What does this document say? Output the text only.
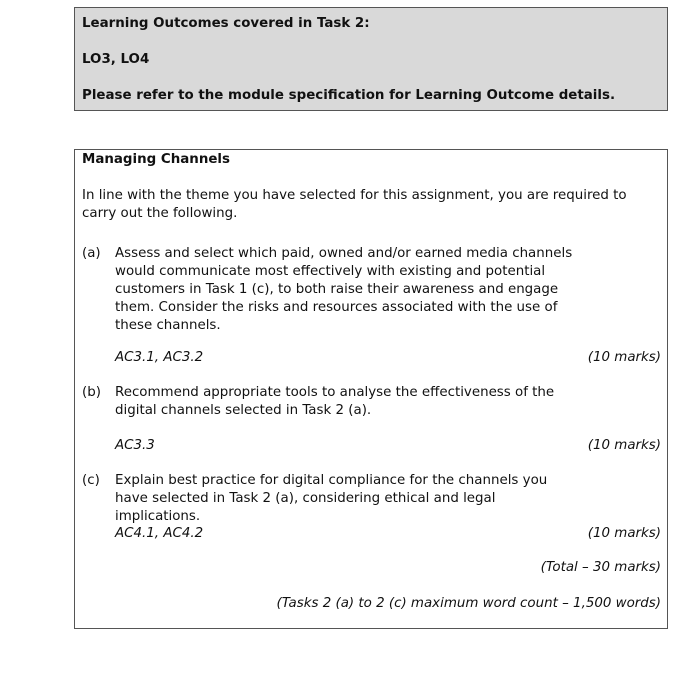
Learning Outcomes covered in Task 2:

LO3, LO4

Please refer to the module specification for Learning Outcome details.

Managing Channels
In line with the theme you have selected for this assignment, you are required to carry out the following.
(a) Assess and select which paid, owned and/or earned media channels would communicate most effectively with existing and potential customers in Task 1 (c), to both raise their awareness and engage them. Consider the risks and resources associated with the use of these channels.
AC3.1, AC3.2	(10 marks)
(b) Recommend appropriate tools to analyse the effectiveness of the digital channels selected in Task 2 (a).
AC3.3	(10 marks)
(c) Explain best practice for digital compliance for the channels you have selected in Task 2 (a), considering ethical and legal implications.
AC4.1, AC4.2	(10 marks)
(Total – 30 marks)
(Tasks 2 (a) to 2 (c) maximum word count – 1,500 words)
